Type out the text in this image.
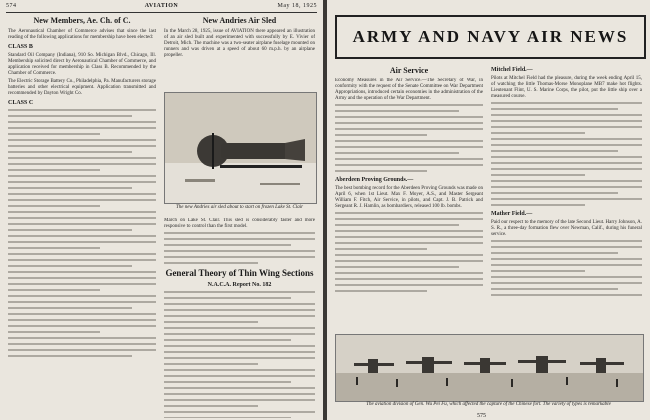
574	AVIATION	May 18, 1925
New Members, Ae. Ch. of C.

The Aeronautical Chamber of Commerce advises that since the last reading of the following applications for membership have been elected:

CLASS B

Standard Oil Company (Indiana), 910 So. Michigan Blvd., Chicago, Ill. Membership solicited direct by Aeronautical Chamber of Commerce, and application received for membership in Class B. Recommended by the Chamber of Commerce.

The Electric Storage Battery Co., Philadelphia, Pa. Manufacturers storage batteries and other electrical equipment. Application transmitted and recommended by Dayton Wright Co.

CLASS C
New Andries Air Sled

In the March 28, 1925, issue of AVIATION there appeared an illustration of an air sled built and experimented with successfully by E. Vivier of Detroit, Mich. The machine was a two-seater airplane fuselage mounted on runners and was driven at a speed of about 60 m.p.h. by an airplane propeller.

The new Andries air sled about to start on frozen Lake St. Clair

March on Lake St. Clair. This sled is considerably faster and more responsive to control than the first model.

General Theory of Thin Wing Sections
N.A.C.A. Report No. 182
ARMY AND NAVY AIR NEWS
Air Service

Economy Measures in the Air Service.—The Secretary of War, in conformity with the request of the Senate Committee on War Department Appropriations, introduced certain economies in the administration of the Army and the operation of the War Department.

Aberdeen Proving Grounds.—

The best bombing record for the Aberdeen Proving Grounds was made on April 6, when 1st Lieut. Max F. Moyer, A.S., and Master Sergeant William F. Fitch, Air Service, in pilots, and Capt. J. B. Patrick and Sergeant R. J. Hamlin, as bombardiers, released 100 lb. bombs.

Mitchel Field.—

Pilots at Mitchel Field had the pleasure, during the week ending April 15, of watching the little Thomas-Morse Monoplane MB7 make hot flights. Lieutenant Flint, U. S. Marine Corps, the pilot, put the little ship over a measured course.

Mather Field.—

Paid our respect to the memory of the late Second Lieut. Harry Johnson, A. S. R., a three-day formation flew over Newman, Calif., during his funeral service.

The aviation division of Gen. Wu Pei Fu, which affected the capture of the Chinese fort. The variety of types is remarkable
575
